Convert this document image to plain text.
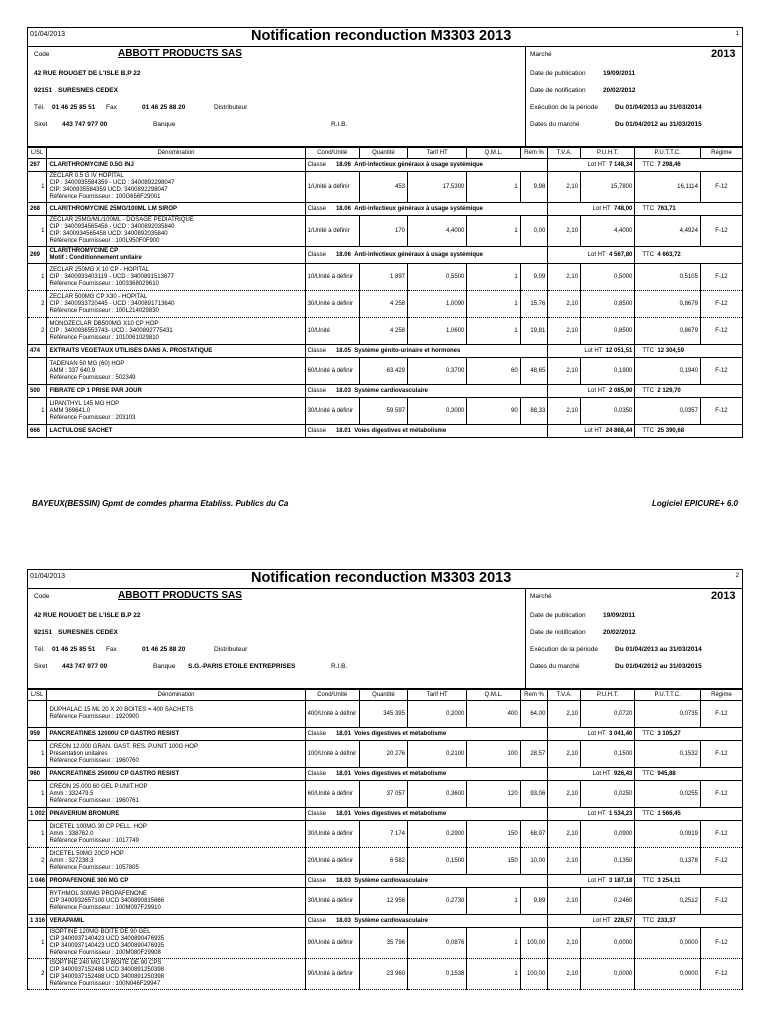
01/04/2013	Notification reconduction M3303 2013	1
Code	ABBOTT PRODUCTS SAS
42 RUE ROUGET DE L'ISLE B.P 22
92151 SURESNES CEDEX
Tél. 01 46 25 85 51 Fax	01 46 25 88 20	Distributeur
Siret 443 747 977 00	Banque	R.I.B.
Marché	2013
Date de publication	19/09/2011
Date de notification	20/02/2012
Exécution de la période	Du 01/04/2013 au 31/03/2014
Dates du marché	Du 01/04/2012 au 31/03/2015
L/SL	Dénomination	Cond/Unité	Quantité	Tarif HT	Q.M.L.	Rem %	T.V.A.	P.U.H.T.	P.U.T.T.C.	Régime
267	CLARITHROMYCINE 0.5G INJ	Classe 18.06 Anti-infectieux généraux à usage systémique					Lot HT 7 148,34		TTC 7 298,46	
1	ZECLAR 0.5 G IV HOPITAL
CIP : 3400935584359 - UCD : 3400892298047
CIP: 3400935584359 UCD: 3400892298047
Référence Fournisseur : 100G656F29001	1/Unité à définir	453	17,5300	1	9,98	2,10	15,7800	16,1114	F-12
268	CLARITHROMYCINE 25MG/100ML LM SIROP	Classe 18.06 Anti-infectieux généraux à usage systémique					Lot HT 748,00		TTC 763,71	
1	ZECLAR 25MG/ML/100ML - DOSAGE PEDIATRIQUE
CIP : 3400934565458 - UCD : 3400892035840
CIP: 3400934565458 UCD: 3400892035840
Référence Fournisseur : 100L950F0F900	1/Unité à définir	170	4,4000	1	0,00	2,10	4,4000	4,4924	F-12
269	CLARITHROMYCINE CP
Motif : Conditionnement unitaire	Classe 18.06 Anti-infectieux généraux à usage systémique					Lot HT 4 567,80		TTC 4 663,72	
1	ZECLAR 250MG X 10 CP - HOPITAL
CIP : 3400933403119 - UCD : 3400891513677
Référence Fournisseur : 1003368029610	10/Unité à définir	1 897	0,5500	1	9,09	2,10	0,5000	0,5105	F-12
2	ZECLAR 500MG CP X30 - HOPITAL
CIP : 3400933720445 - UCD : 3400891713640
Référence Fournisseur : 100L214029830	30/Unité à définir	4 258	1,0090	1	15,76	2,10	0,8500	0,8679	F-12
2	MONOZECLAR DB500MG X10 CP HOP
CIP : 3400936553743- UCD : 3400892775431
Référence Fournisseur : 1010061029810	10/Unité	4 258	1,0600	1	19,81	2,10	0,8500	0,8679	F-12
474	EXTRAITS VEGETAUX UTILISES DANS A. PROSTATIQUE	Classe 18.05 Système génito-urinaire et hormones					Lot HT 12 051,51		TTC 12 304,59	
	TADENAN 50 MG (60) HOP
AMM : 337 640.9
Référence Fournisseur : 502349	60/Unité à définir	63 429	0,3700	60	48,65	2,10	0,1900	0,1940	F-12
500	FIBRATE CP 1 PRISE PAR JOUR	Classe 18.03 Système cardiovasculaire					Lot HT 2 085,90		TTC 2 129,70	
1	LIPANTHYL 145 MG HOP
AMM 369641.0
Référence Fournisseur : 203103	30/Unité à définir	59 597	0,3000	90	88,33	2,10	0,0350	0,0357	F-12
666	LACTULOSE SACHET	Classe 18.01 Voies digestives et métabolisme					Lot HT 24 868,44		TTC 25 390,68	
BAYEUX(BESSIN) Gpmt de comdes pharma Etabliss. Publics du Ca	Logiciel EPICURE+ 6.0
01/04/2013	Notification reconduction M3303 2013	2
Code	ABBOTT PRODUCTS SAS
42 RUE ROUGET DE L'ISLE B.P 22
92151 SURESNES CEDEX
Tél. 01 46 25 85 51 Fax	01 46 25 88 20	Distributeur
Siret 443 747 977 00	Banque S.G.-PARIS ETOILE ENTREPRISES	R.I.B.
Marché	2013
Date de publication	19/09/2011
Date de notification	20/02/2012
Exécution de la période	Du 01/04/2013 au 31/03/2014
Dates du marché	Du 01/04/2012 au 31/03/2015
L/SL	Dénomination	Cond/Unité	Quantité	Tarif HT	Q.M.L.	Rem %	T.V.A.	P.U.H.T.	P.U.T.T.C.	Régime
	DUPHALAC 15 ML 20 X 20 BOITES = 400 SACHETS
Référence Fournisseur : 1920900	400/Unité à définir	345 395	0,2000	400	64,00	2,10	0,0720	0,0735	F-12
959	PANCREATINES 12000U CP GASTRO RESIST	Classe 18.01 Voies digestives et métabolisme					Lot HT 3 041,40		TTC 3 105,27	
1	CREON 12.000 GRAN. GAST. RES. P.UNIT 100G HOP
Présentation unitaires
Référence Fournisseur : 1960760	100/Unité à définir	20 276	0,2100	100	28,57	2,10	0,1500	0,1532	F-12
960	PANCREATINES 25000U CP GASTRO RESIST	Classe 18.01 Voies digestives et métabolisme					Lot HT 926,43		TTC 945,88	
1	CREON 25.000 60 GEL P.UNIT.HOP
Amm : 332479.5
Référence Fournisseur : 1960761	60/Unité à définir	37 057	0,3600	120	93,06	2,10	0,0250	0,0255	F-12
1 002	PINAVERIUM BROMURE	Classe 18.01 Voies digestives et métabolisme					Lot HT 1 534,23		TTC 1 566,45	
1	DICETEL 100MG 30 CP PELL. HOP
Amm : 338762.0
Référence Fournisseur : 1017749	30/Unité à définir	7 174	0,2900	150	68,97	2,10	0,0900	0,0919	F-12
2	DICETEL 50MG 20CP HOP
Amm : 327238.3
Référence Fournisseur : 1057805	20/Unité à définir	6 582	0,1500	150	10,00	2,10	0,1350	0,1378	F-12
1 046	PROPAFENONE 300 MG CP	Classe 18.03 Système cardiovasculaire					Lot HT 3 187,18		TTC 3 254,11	
	RYTHMOL 300MG PROPAFENONE
CIP 3400932657100 UCD 3400890815666
Référence Fournisseur : 100M097F29910	30/Unité à définir	12 956	0,2730	1	9,89	2,10	0,2460	0,2512	F-12
1 316	VERAPAMIL	Classe 18.03 Système cardiovasculaire					Lot HT 228,57		TTC 233,37	
1	ISOPTINE 120MG BOITE DE 90 GEL
CIP 3400937140423 UCD 3400890476935
CIP 3400937140423 UCD 3400890476935
Référence Fournisseur : 100M080F29908	90/Unité à définir	35 796	0,0876	1	100,00	2,10	0,0000	0,0000	F-12
2	ISOPTINE 240 MG LP BOITE DE 90 CPS
CIP 3400937152488 UCD 3400891250398
CIP 3400937152488 UCD 3400891250398
Référence Fournisseur : 100N046F29947	90/Unité à définir	23 960	0,1538	1	100,00	2,10	0,0000	0,0000	F-12
